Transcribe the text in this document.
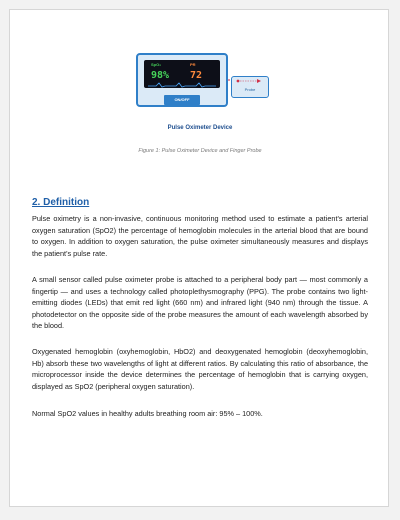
SpO₂
98%
PR
72
ON/OFF
Probe
Pulse Oximeter Device
Figure 1: Pulse Oximeter Device and Finger Probe
2. Definition

Pulse oximetry is a non-invasive, continuous monitoring method used to estimate a patient's arterial oxygen saturation (SpO2) the percentage of hemoglobin molecules in the arterial blood that are bound to oxygen. In addition to oxygen saturation, the pulse oximeter simultaneously measures and displays the patient's pulse rate.

A small sensor called pulse oximeter probe is attached to a peripheral body part — most commonly a fingertip — and uses a technology called photoplethysmography (PPG). The probe contains two light-emitting diodes (LEDs) that emit red light (660 nm) and infrared light (940 nm) through the tissue. A photodetector on the opposite side of the probe measures the amount of each wavelength absorbed by the blood.

Oxygenated hemoglobin (oxyhemoglobin, HbO2) and deoxygenated hemoglobin (deoxyhemoglobin, Hb) absorb these two wavelengths of light at different ratios. By calculating this ratio of absorbance, the microprocessor inside the device determines the percentage of hemoglobin that is carrying oxygen, displayed as SpO2 (peripheral oxygen saturation).

Normal SpO2 values in healthy adults breathing room air: 95% – 100%.
